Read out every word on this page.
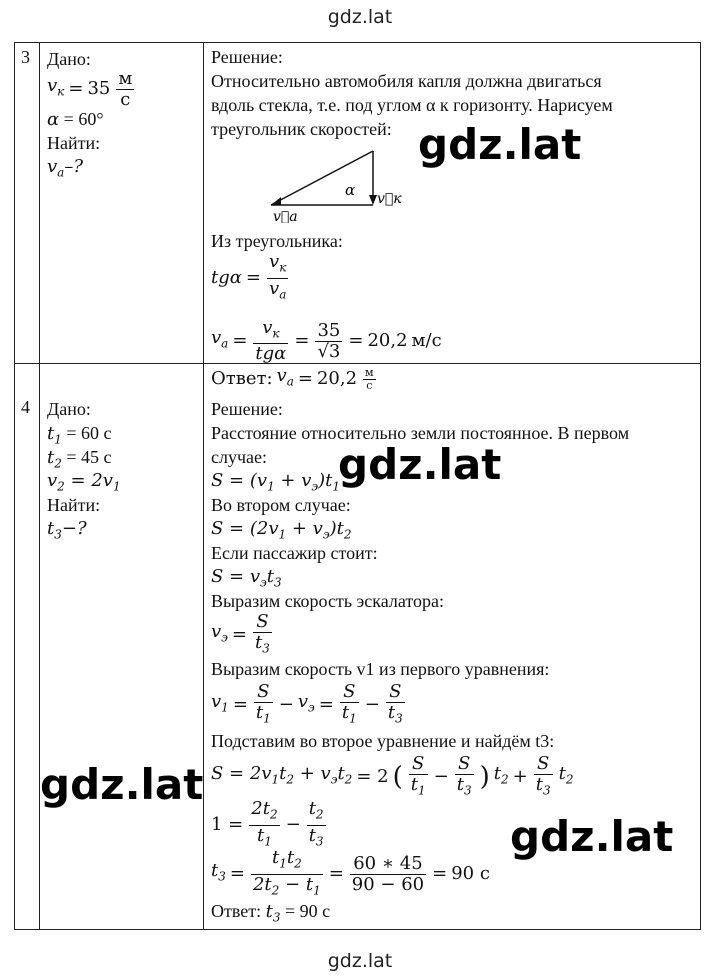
gdz.lat
3 Дано:
$v_к = 35 \frac{м}{с}$
α = 60°
Найти:
$v_a-$?
Решение:
Относительно автомобиля капля должна двигаться
вдоль стекла, т.е. под углом α к горизонту. Нарисуем
треугольник скоростей:
α v⃗к
v⃗a
Из треугольника:
$tg\alpha = \frac{v_к}{v_a}$
$v_a = \frac{v_к}{\text{tgα}} = \frac{35}{√3} = 20,2$ м/с
Ответ: $v_a = 20,2 \frac{м}{с}$
4 Дано:
$t_1 = 60$ с
$t_2 = 45$ с
$v_2 = 2v_1$
Найти:
$t_3-$?
Решение:
Расстояние относительно земли постоянное. В первом
случае:
$S = (v_1 + v_э)t_1$
Во втором случае:
$S = (2v_1 + v_э)t_2$
Если пассажир стоит:
$S = v_эt_3$
Выразим скорость эскалатора:
$v_э = \frac{S}{t_3}$
Выразим скорость v1 из первого уравнения:
$v_1 = \frac{S}{t_1} - v_э = \frac{S}{t_1} - \frac{S}{t_3}$
Подставим во второе уравнение и найдём t3:
$S = 2v_1t_2 + v_эt_2 = 2$ ( $\frac{S}{t_1} - \frac{S}{t_3}$ ) $t_2 + \frac{S}{t_3} t_2$
$1 = \frac{2t_2}{t_1} - \frac{t_2}{t_3}$
$t_3 = \frac{t_1t_2}{2t_2 - t_1} = \frac{60 ∗ 45}{90 - 60} = 90$ с
Ответ: $t_3 = 90$ с
gdz.lat
gdz.lat
gdz.lat
gdz.lat
gdz.lat
